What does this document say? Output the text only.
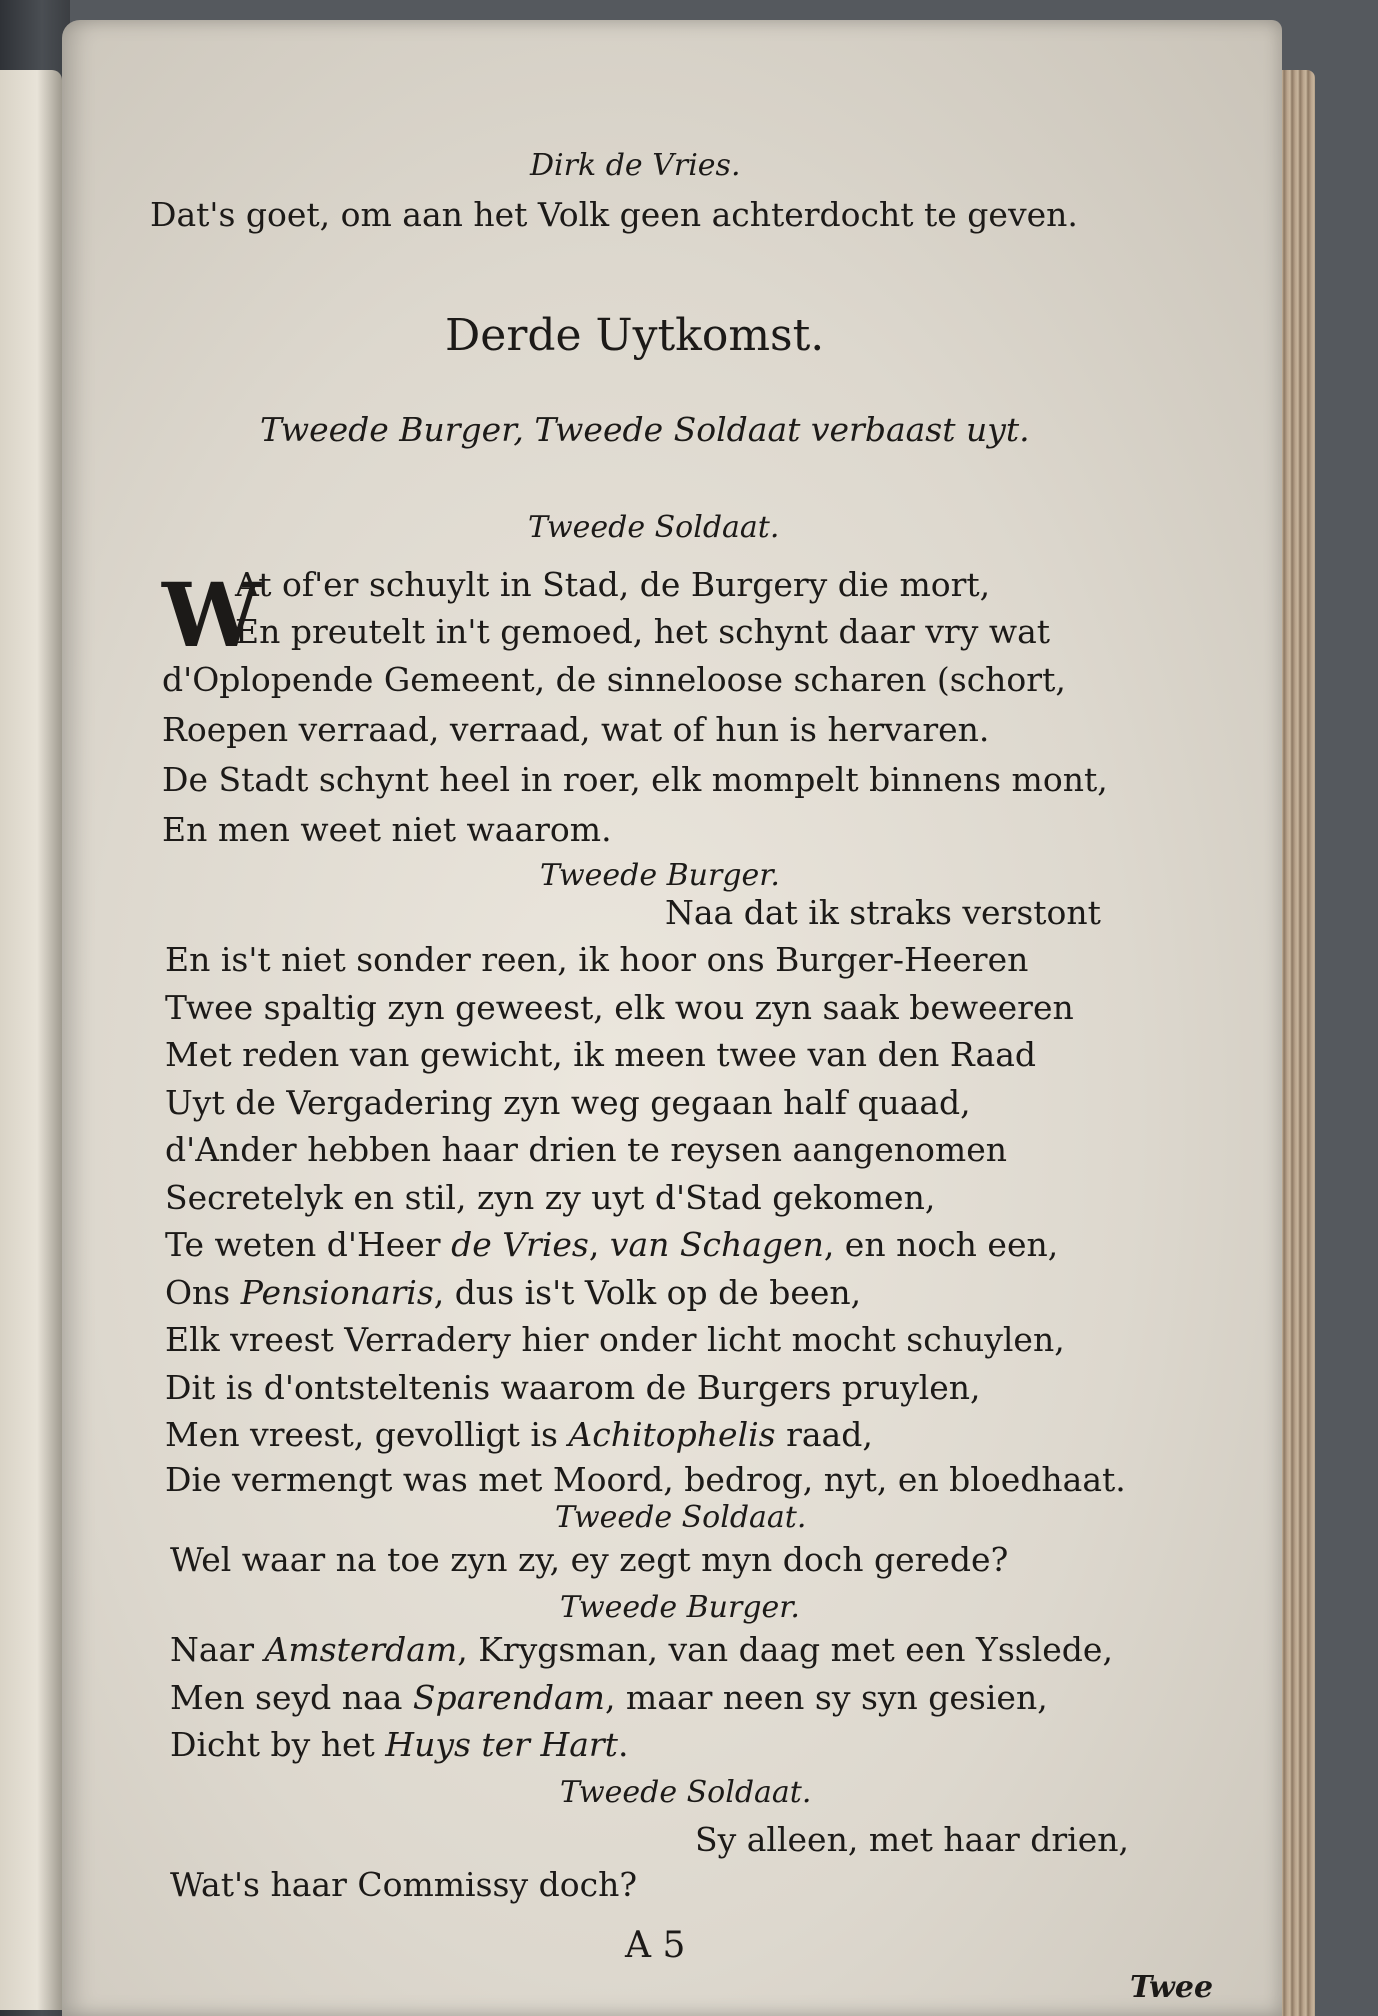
Dirk de Vries.
Dat's goet, om aan het Volk geen achterdocht te geven.
Derde Uytkomst.
Tweede Burger, Tweede Soldaat verbaast uyt.
Tweede Soldaat.
W
At of'er schuylt in Stad, de Burgery die mort,
En preutelt in't gemoed, het schynt daar vry wat
d'Oplopende Gemeent, de sinneloose scharen (schort,
Roepen verraad, verraad, wat of hun is hervaren.
De Stadt schynt heel in roer, elk mompelt binnens mont,
En men weet niet waarom.
Tweede Burger.
Naa dat ik straks verstont
En is't niet sonder reen, ik hoor ons Burger-Heeren
Twee spaltig zyn geweest, elk wou zyn saak beweeren
Met reden van gewicht, ik meen twee van den Raad
Uyt de Vergadering zyn weg gegaan half quaad,
d'Ander hebben haar drien te reysen aangenomen
Secretelyk en stil, zyn zy uyt d'Stad gekomen,
Te weten d'Heer de Vries, van Schagen, en noch een,
Ons Pensionaris, dus is't Volk op de been,
Elk vreest Verradery hier onder licht mocht schuylen,
Dit is d'ontsteltenis waarom de Burgers pruylen,
Men vreest, gevolligt is Achitophelis raad,
Die vermengt was met Moord, bedrog, nyt, en bloedhaat.
Tweede Soldaat.
Wel waar na toe zyn zy, ey zegt myn doch gerede?
Tweede Burger.
Naar Amsterdam, Krygsman, van daag met een Ysslede,
Men seyd naa Sparendam, maar neen sy syn gesien,
Dicht by het Huys ter Hart.
Tweede Soldaat.
Sy alleen, met haar drien,
Wat's haar Commissy doch?
A 5
Twee
